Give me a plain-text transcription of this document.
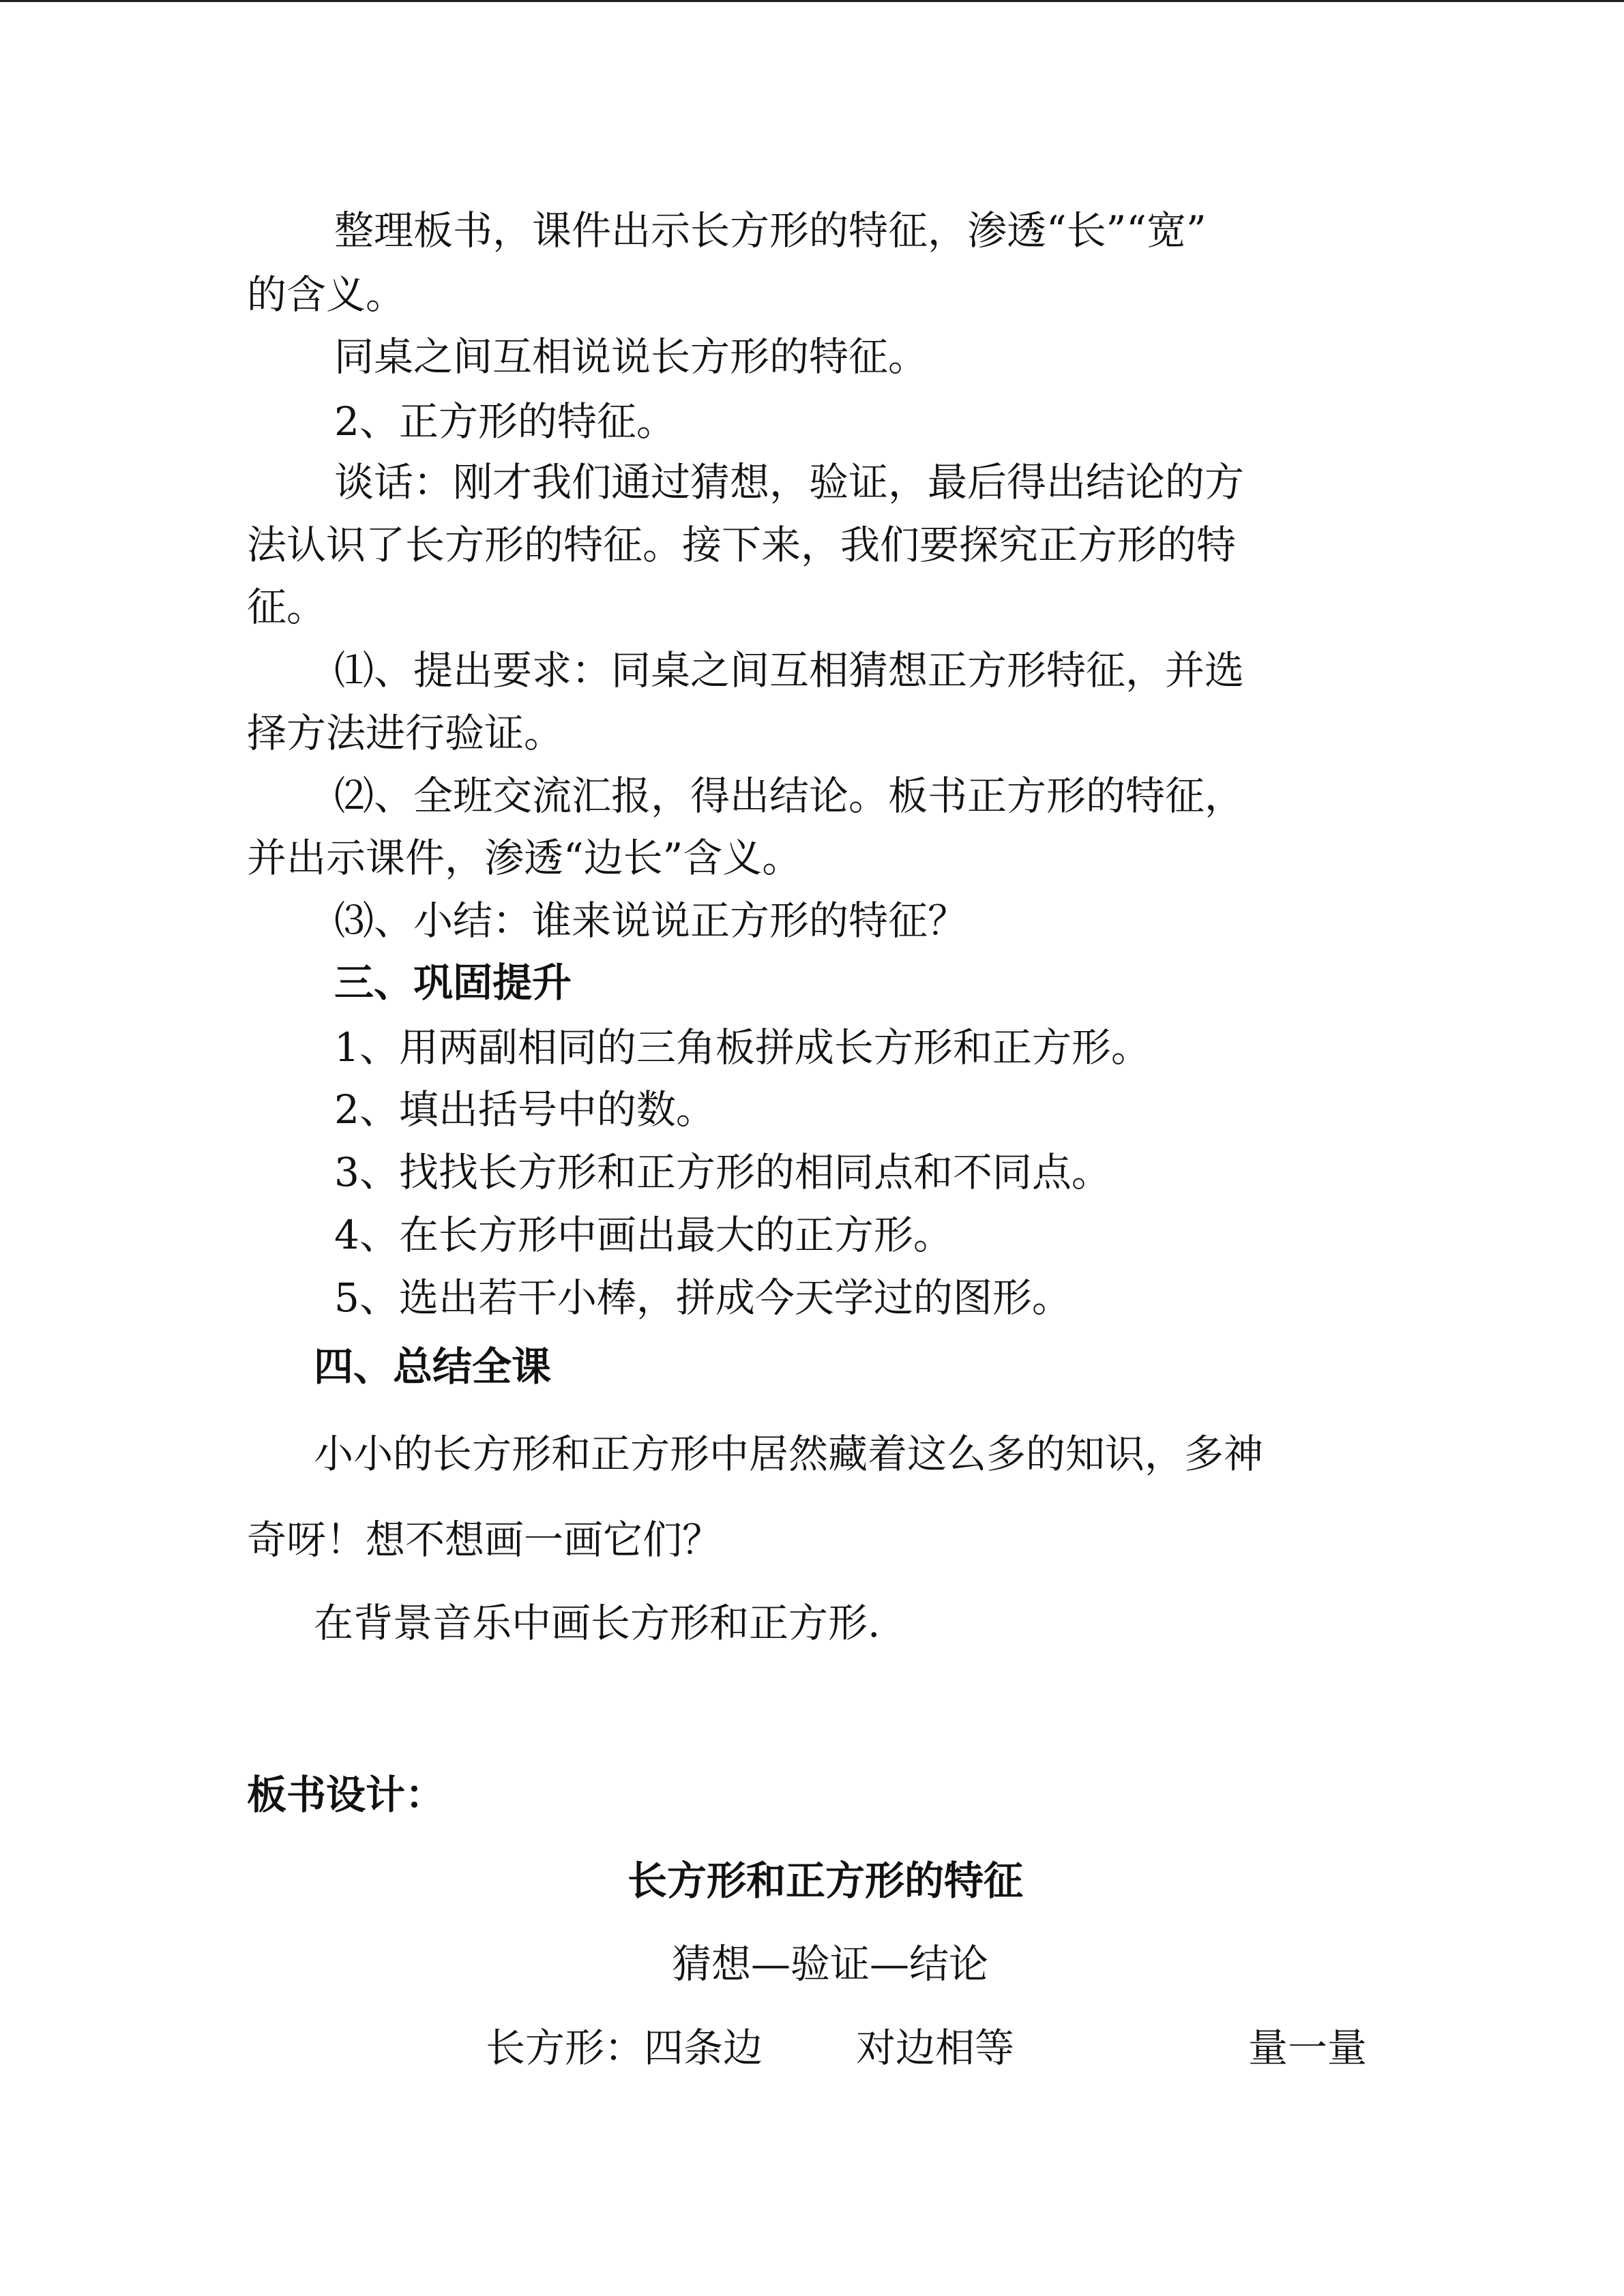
整理板书，课件出示长方形的特征，渗透“长”“宽”
的含义。
同桌之间互相说说长方形的特征。
2、正方形的特征。
谈话：刚才我们通过猜想，验证，最后得出结论的方
法认识了长方形的特征。接下来，我们要探究正方形的特
征。
⑴、提出要求：同桌之间互相猜想正方形特征，并选
择方法进行验证。
⑵、全班交流汇报，得出结论。板书正方形的特征，
并出示课件，渗透“边长”含义。
⑶、小结：谁来说说正方形的特征？
三、巩固提升
1、用两副相同的三角板拼成长方形和正方形。
2、填出括号中的数。
3、找找长方形和正方形的相同点和不同点。
4、在长方形中画出最大的正方形。
5、选出若干小棒，拼成今天学过的图形。
四、总结全课
小小的长方形和正方形中居然藏着这么多的知识，多神
奇呀！想不想画一画它们？
在背景音乐中画长方形和正方形.
板书设计：
长方形和正方形的特征
猜想—验证—结论
长方形：四条边 对边相等	量一量
